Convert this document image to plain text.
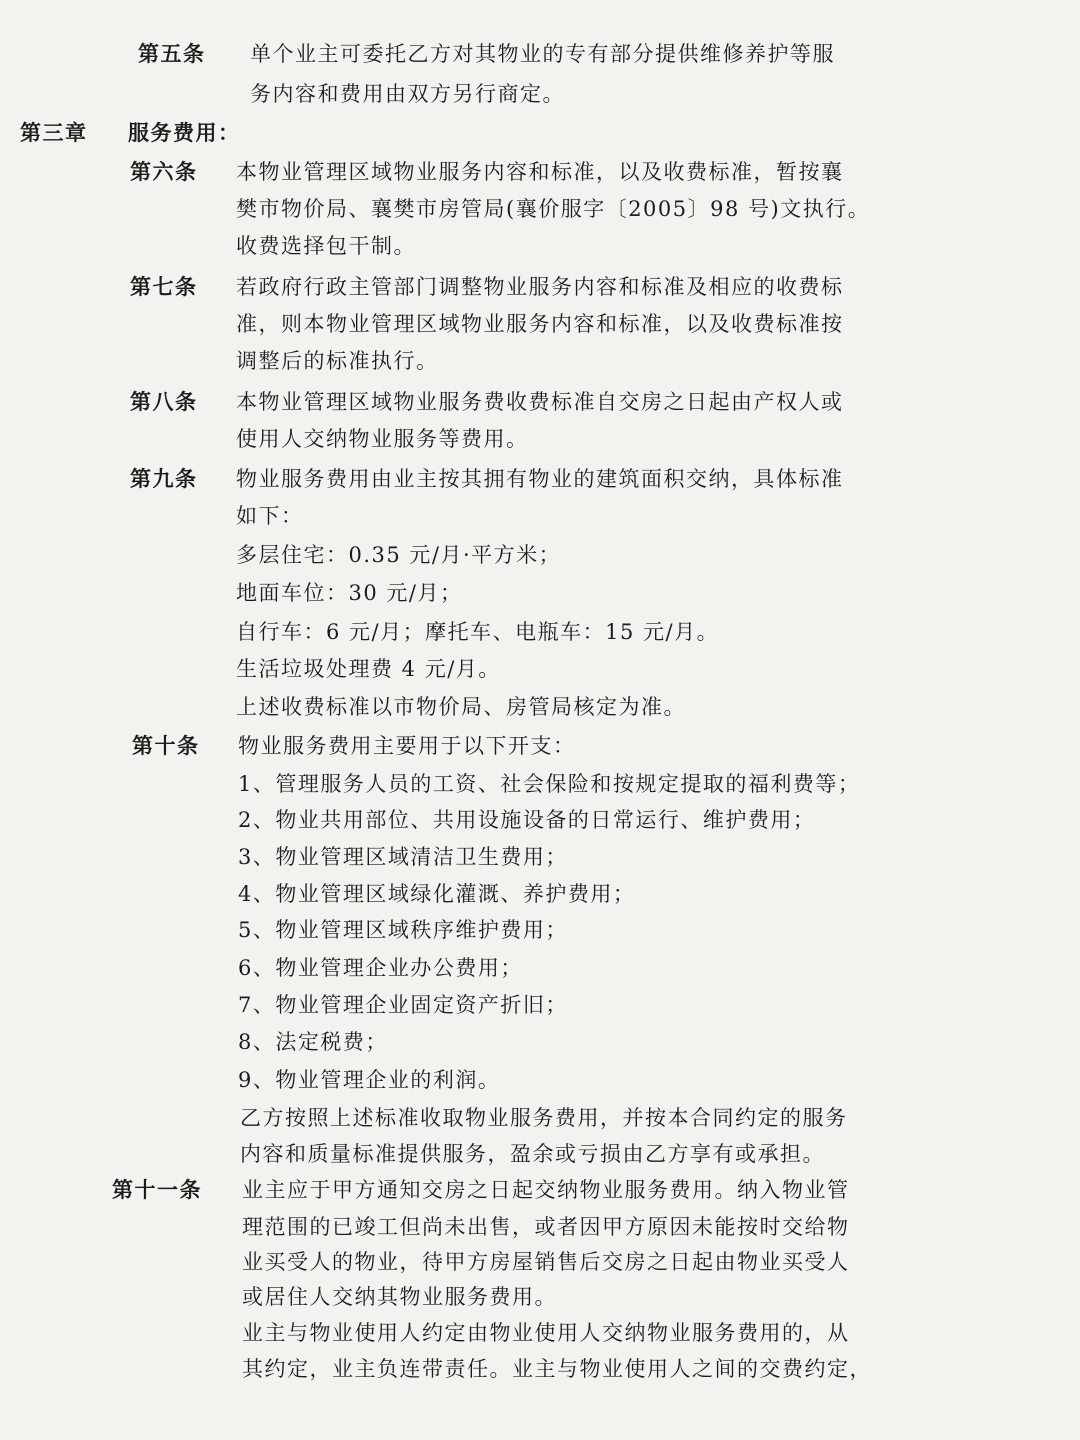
第五条 单个业主可委托乙方对其物业的专有部分提供维修养护等服
务内容和费用由双方另行商定。
第三章 服务费用：
第六条 本物业管理区域物业服务内容和标准，以及收费标准，暂按襄
樊市物价局、襄樊市房管局(襄价服字〔2005〕98 号)文执行。
收费选择包干制。
第七条 若政府行政主管部门调整物业服务内容和标准及相应的收费标
准，则本物业管理区域物业服务内容和标准，以及收费标准按
调整后的标准执行。
第八条 本物业管理区域物业服务费收费标准自交房之日起由产权人或
使用人交纳物业服务等费用。
第九条 物业服务费用由业主按其拥有物业的建筑面积交纳，具体标准
如下：
多层住宅：0.35 元/月·平方米；
地面车位：30 元/月；
自行车：6 元/月；摩托车、电瓶车：15 元/月。
生活垃圾处理费 4 元/月。
上述收费标准以市物价局、房管局核定为准。
第十条 物业服务费用主要用于以下开支：
1、管理服务人员的工资、社会保险和按规定提取的福利费等；
2、物业共用部位、共用设施设备的日常运行、维护费用；
3、物业管理区域清洁卫生费用；
4、物业管理区域绿化灌溉、养护费用；
5、物业管理区域秩序维护费用；
6、物业管理企业办公费用；
7、物业管理企业固定资产折旧；
8、法定税费；
9、物业管理企业的利润。
乙方按照上述标准收取物业服务费用，并按本合同约定的服务
内容和质量标准提供服务，盈余或亏损由乙方享有或承担。
第十一条 业主应于甲方通知交房之日起交纳物业服务费用。纳入物业管
理范围的已竣工但尚未出售，或者因甲方原因未能按时交给物
业买受人的物业，待甲方房屋销售后交房之日起由物业买受人
或居住人交纳其物业服务费用。
业主与物业使用人约定由物业使用人交纳物业服务费用的，从
其约定，业主负连带责任。业主与物业使用人之间的交费约定，
